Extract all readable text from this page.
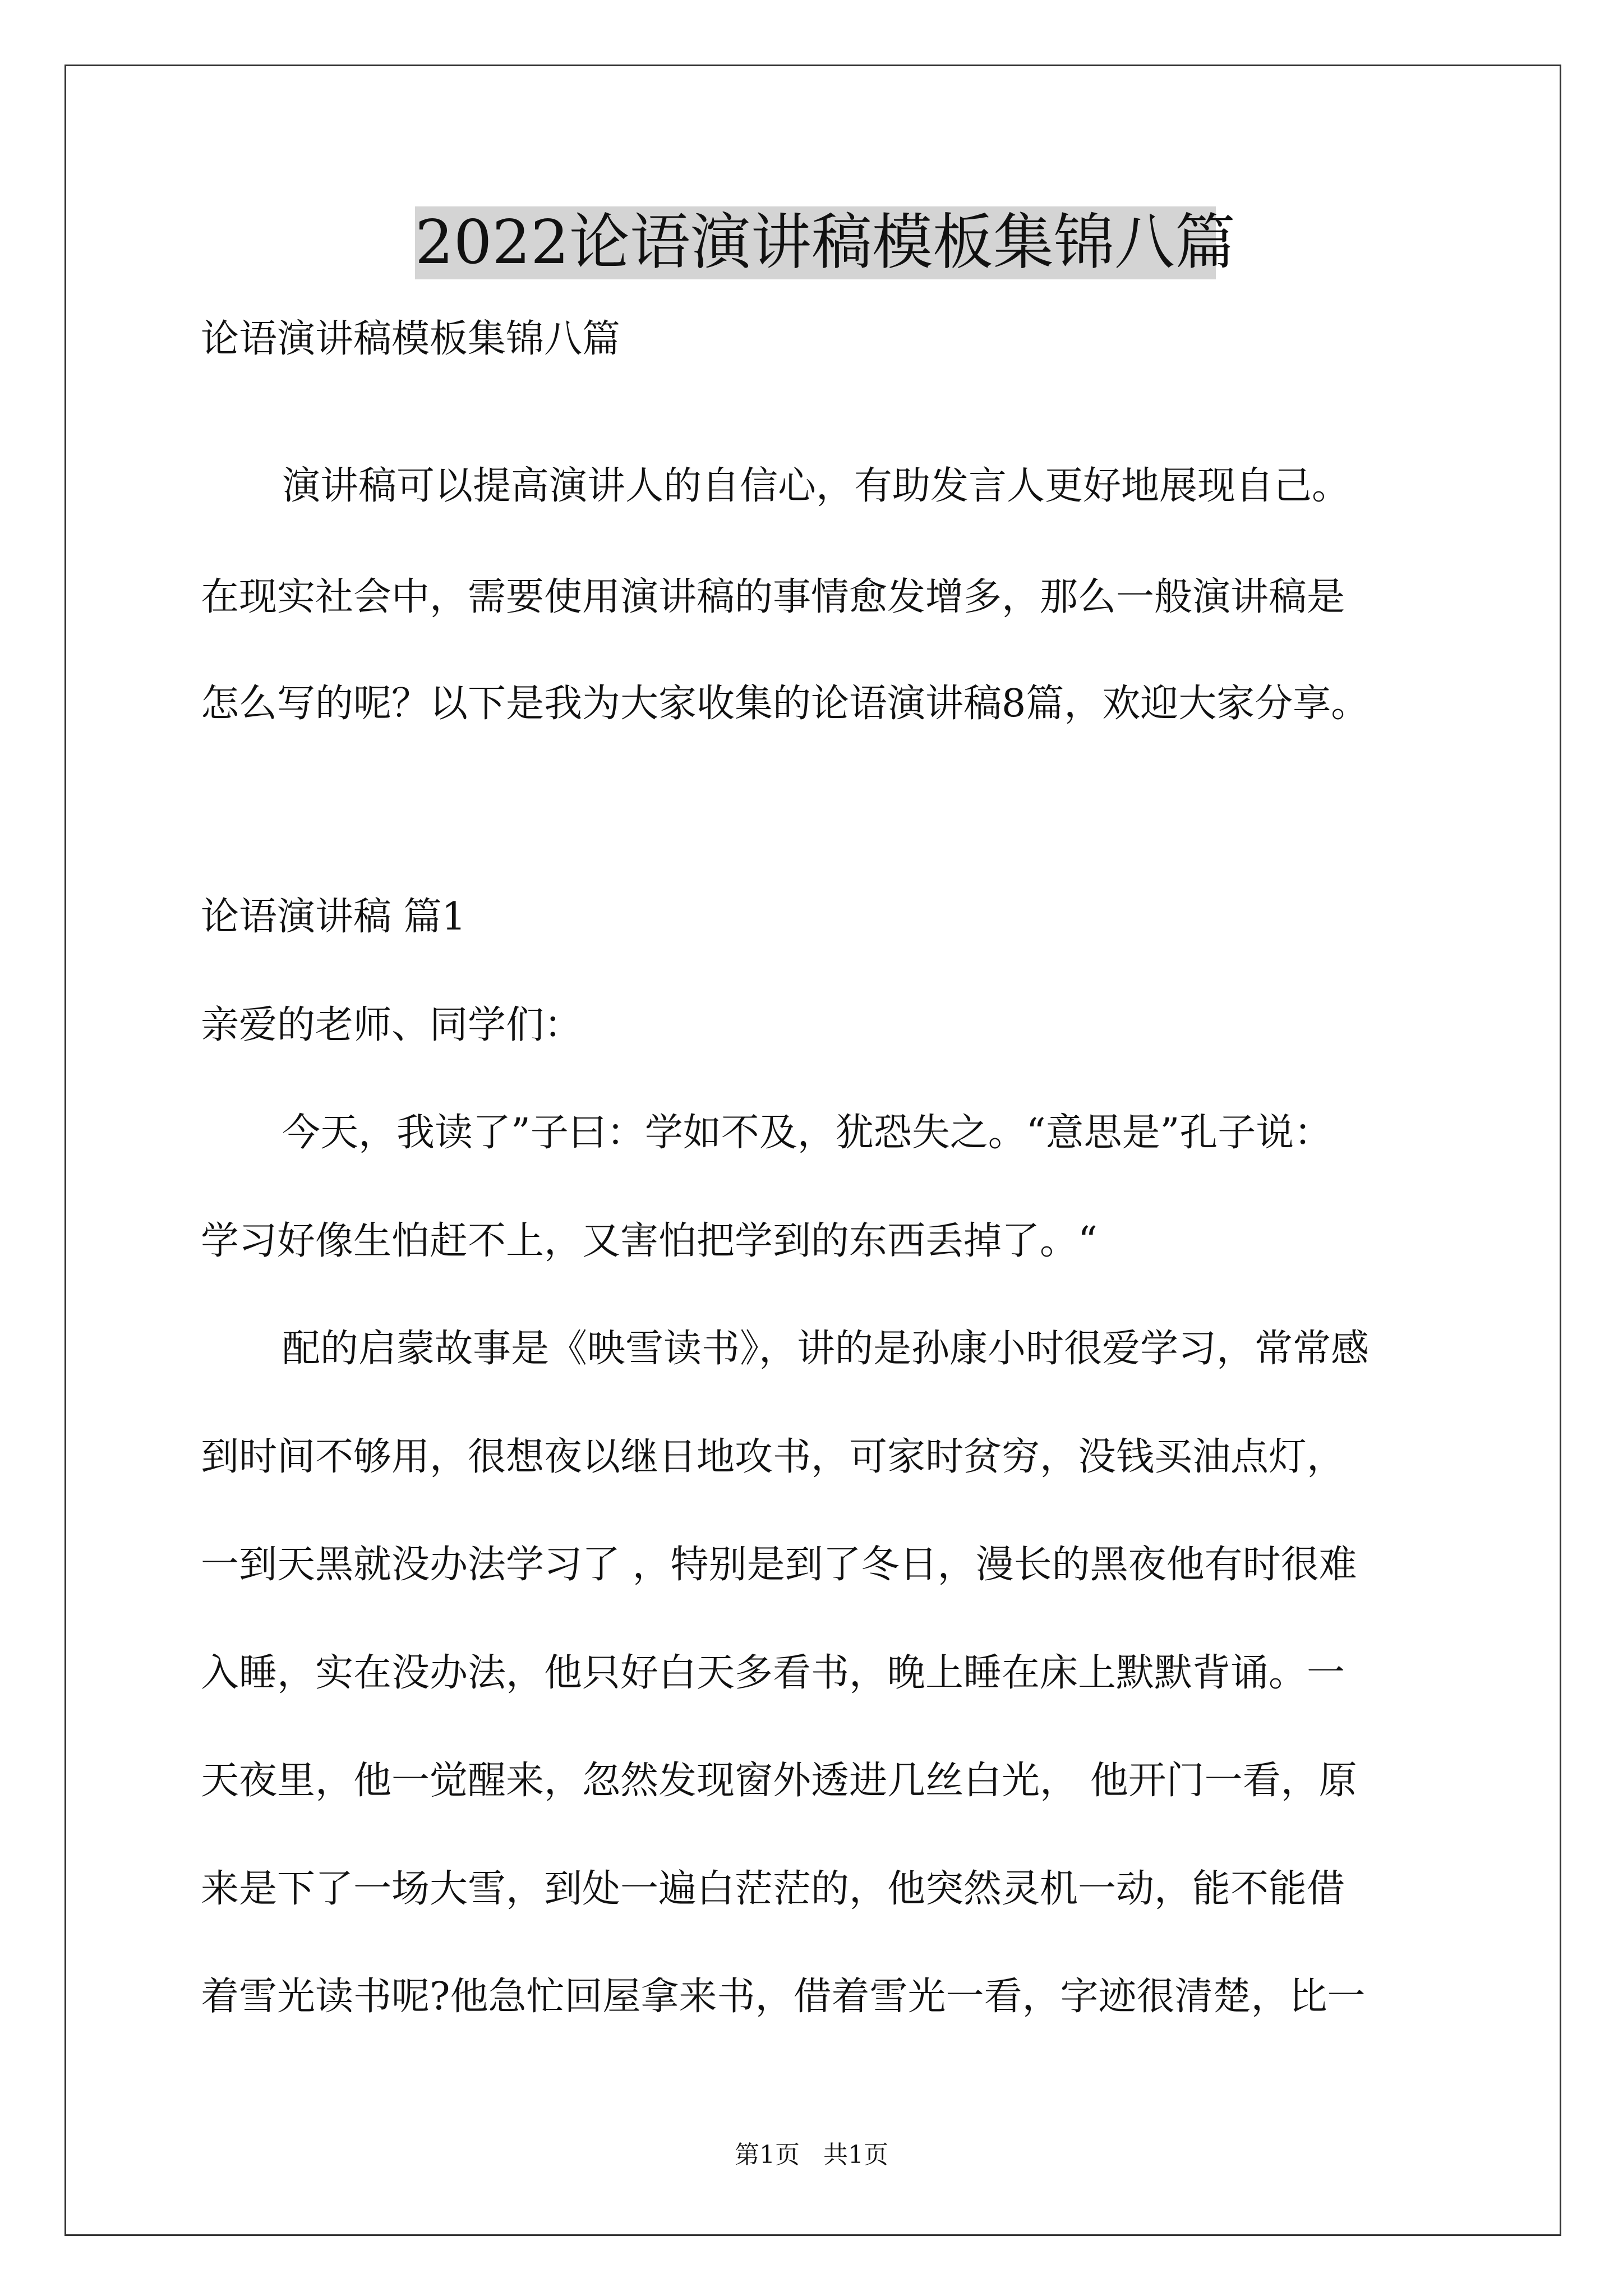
2022论语演讲稿模板集锦八篇
论语演讲稿模板集锦八篇
演讲稿可以提高演讲人的自信心，有助发言人更好地展现自己。
在现实社会中，需要使用演讲稿的事情愈发增多，那么一般演讲稿是
怎么写的呢？以下是我为大家收集的论语演讲稿8篇，欢迎大家分享。
论语演讲稿 篇1
亲爱的老师、同学们：
今天，我读了”子曰：学如不及，犹恐失之。“意思是”孔子说：
学习好像生怕赶不上，又害怕把学到的东西丢掉了。“
配的启蒙故事是《映雪读书》，讲的是孙康小时很爱学习，常常感
到时间不够用，很想夜以继日地攻书，可家时贫穷，没钱买油点灯，
一到天黑就没办法学习了 ，特别是到了冬日，漫长的黑夜他有时很难
入睡，实在没办法，他只好白天多看书，晚上睡在床上默默背诵。一
天夜里，他一觉醒来，忽然发现窗外透进几丝白光， 他开门一看，原
来是下了一场大雪，到处一遍白茫茫的，他突然灵机一动，能不能借
着雪光读书呢?他急忙回屋拿来书，借着雪光一看，字迹很清楚，比一
第1页   共1页
